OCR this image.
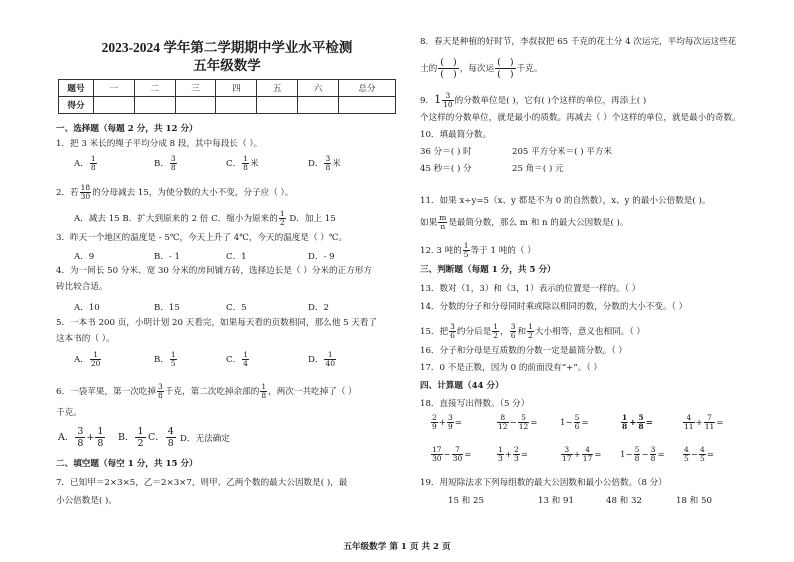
2023-2024 学年第二学期期中学业水平检测
五年级数学
题号	一	二	三	四	五	六	总分
得分							
一、选择题（每题 2 分，共 12 分）
1．把 3 米长的绳子平均分成 8 段，其中每段长（ ）。
A． $\frac{1}{8}$	B． $\frac{3}{8}$	C． $\frac{1}{8}$ 米	D． $\frac{3}{8}$ 米
2．若 $\frac{18}{30}$ 的分母减去 15，为使分数的大小不变，分子应（ ）。
A．减去 15 B．扩大到原来的 2 倍 C．缩小为原来的 $\frac{1}{2}$ D．加上 15
3．昨天一个地区的温度是 - 5℃，今天上升了 4℃，今天的温度是（ ）℃。
A．9	B．- 1	C．1	D．- 9
4．为一间长 50 分米、宽 30 分米的房间铺方砖，选择边长是（ ）分米的正方形方
砖比较合适。
A．10	B．15	C．5	D．2
5．一本书 200 页，小明计划 20 天看完，如果每天看的页数相同，那么他 5 天看了
这本书的（ ）。
A． $\frac{1}{20}$	B． $\frac{1}{5}$	C． $\frac{1}{4}$	D． $\frac{1}{40}$
6．一袋苹果，第一次吃掉 $\frac{3}{8}$ 千克，第二次吃掉余部的 $\frac{1}{8}$ ，两次一共吃掉了（ ）
千克。
A． $\frac{3}{8} + \frac{1}{8}$ B． $\frac{1}{2}$ C． $\frac{4}{8}$ D．无法确定
二、填空题（每空 1 分，共 15 分）
7．已知甲＝2×3×5，乙＝2×3×7，则甲、乙两个数的最大公因数是( )，最
小公倍数是( )。
8．春天是种植的好时节，李叔叔把 65 千克的花土分 4 次运完，平均每次运这些花
土的
(   )
(   ) ，每次运
(   )
(   ) 千克。
9．$1 \frac{3}{10}$ 的分数单位是( )，它有( )个这样的单位，再添上( )
个这样的分数单位，就是最小的质数。再减去（ ）个这样的单位，就是最小的奇数。
10．填最简分数。
36 分＝( ) 时	205 平方分米＝( ) 平方米
45 秒＝( ) 分	25 角＝( ) 元
11．如果 x÷y=5（x、y 都是不为 0 的自然数），x、y 的最小公倍数是( )。
如果 $\frac{m}{n}$ 是最简分数，那么 m 和 n 的最大公因数是( )。
12. 3 吨的 $\frac{1}{5}$ 等于 1 吨的（ ）
三、判断题（每题 1 分，共 5 分）
13．数对（1，3）和（3，1）表示的位置是一样的。（ ）
14．分数的分子和分母同时乘或除以相同的数，分数的大小不变。（ ）
15．把 $\frac{3}{6}$ 约分后是 $\frac{1}{2}$ ， $\frac{3}{6}$ 和 $\frac{1}{2}$ 大小相等，意义也相同。（ ）
16．分子和分母是互质数的分数一定是最简分数。（ ）
17．0 不是正数，因为 0 的前面没有“+”。（ ）
四、计算题（44 分）
18．直接写出得数。（5 分）
$\frac{2}{9} + \frac{3}{9}$ =	$\frac{8}{12} - \frac{5}{12}$ =	$1- \frac{5}{6}$ =	$\frac{1}{8} + \frac{5}{8}$ =	$\frac{4}{11} + \frac{7}{11}$ =
$\frac{17}{30} - \frac{7}{30}$ =	$\frac{1}{3} + \frac{2}{3}$ =	$\frac{3}{17} + \frac{4}{17} = 1- \frac{5}{8} - \frac{3}{8} = \frac{4}{5} - \frac{4}{5}$ =
19．用短除法求下列每组数的最大公因数和最小公倍数。（8 分）
15 和 25	13 和 91	48 和 32	18 和 50
五年级数学 第 1 页 共 2 页
